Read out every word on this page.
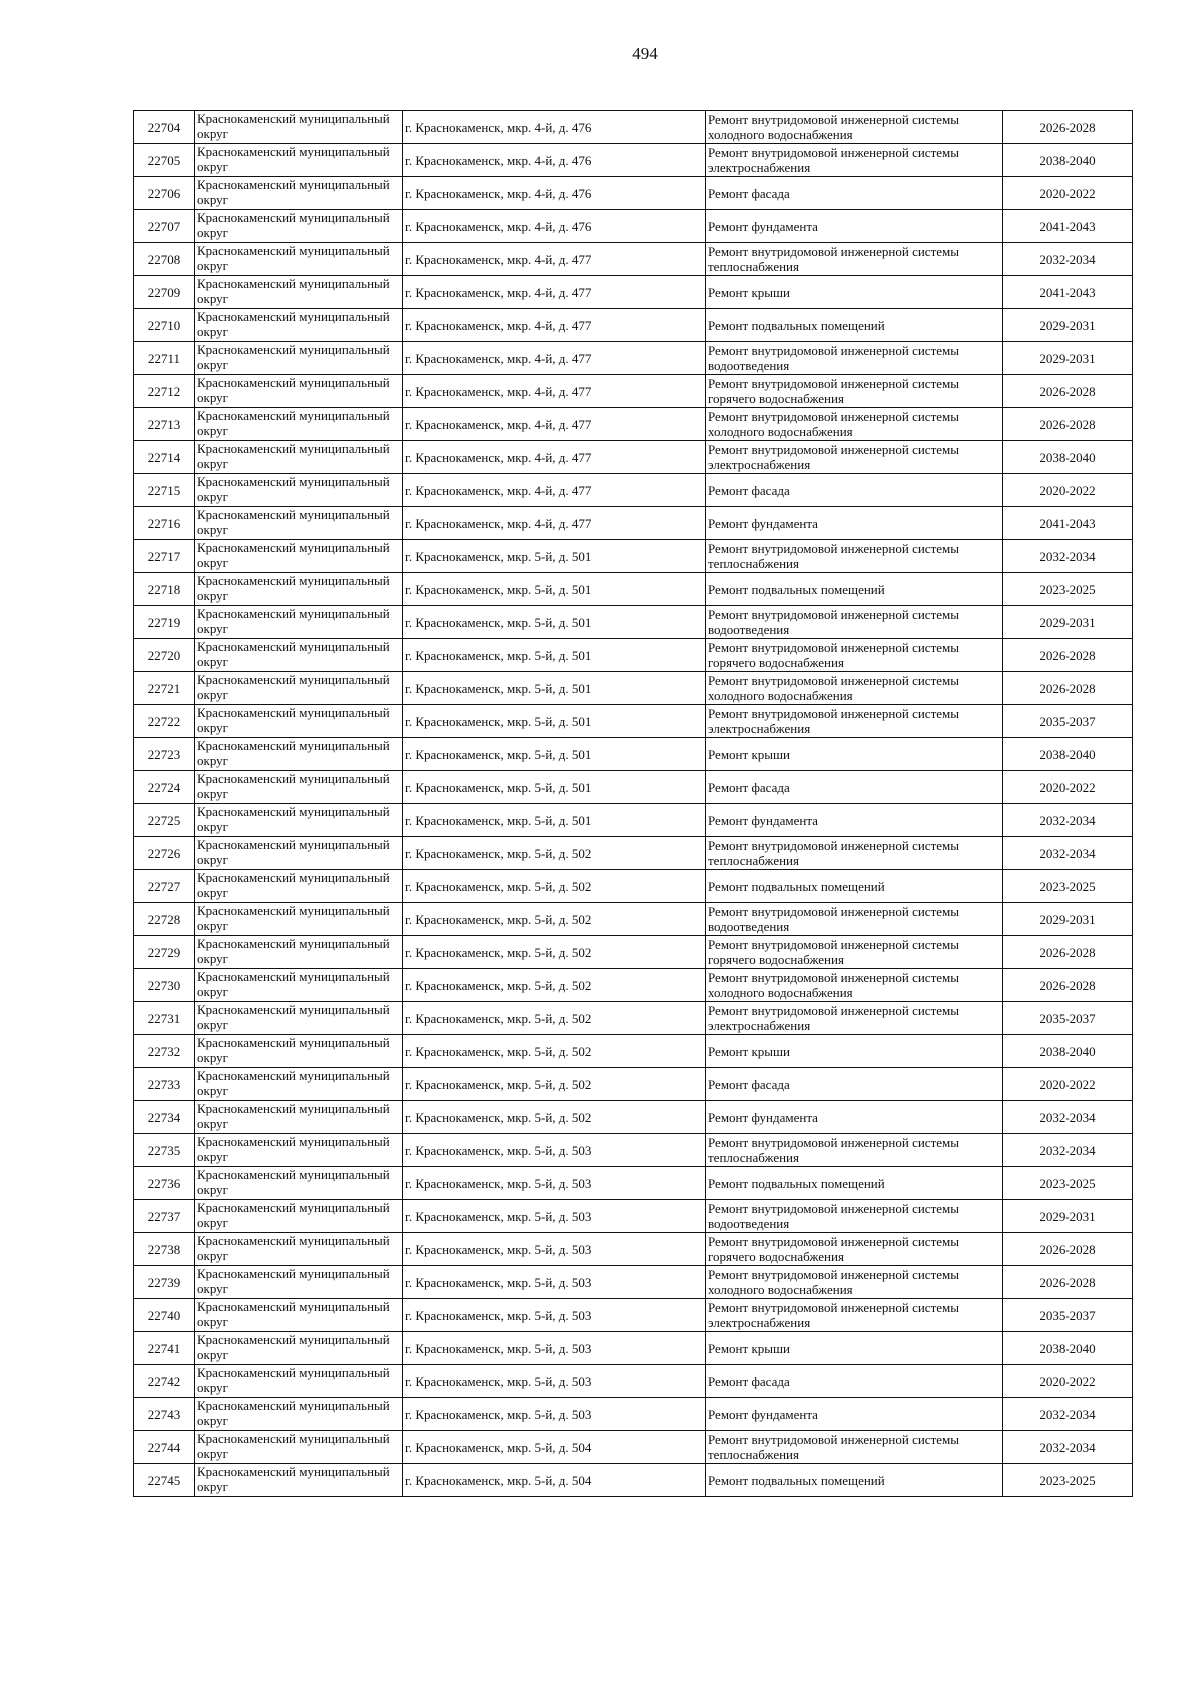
494
22704	Краснокаменский муниципальный округ	г. Краснокаменск, мкр. 4-й, д. 476	Ремонт внутридомовой инженерной системы холодного водоснабжения	2026-2028
22705	Краснокаменский муниципальный округ	г. Краснокаменск, мкр. 4-й, д. 476	Ремонт внутридомовой инженерной системы электроснабжения	2038-2040
22706	Краснокаменский муниципальный округ	г. Краснокаменск, мкр. 4-й, д. 476	Ремонт фасада	2020-2022
22707	Краснокаменский муниципальный округ	г. Краснокаменск, мкр. 4-й, д. 476	Ремонт фундамента	2041-2043
22708	Краснокаменский муниципальный округ	г. Краснокаменск, мкр. 4-й, д. 477	Ремонт внутридомовой инженерной системы теплоснабжения	2032-2034
22709	Краснокаменский муниципальный округ	г. Краснокаменск, мкр. 4-й, д. 477	Ремонт крыши	2041-2043
22710	Краснокаменский муниципальный округ	г. Краснокаменск, мкр. 4-й, д. 477	Ремонт подвальных помещений	2029-2031
22711	Краснокаменский муниципальный округ	г. Краснокаменск, мкр. 4-й, д. 477	Ремонт внутридомовой инженерной системы водоотведения	2029-2031
22712	Краснокаменский муниципальный округ	г. Краснокаменск, мкр. 4-й, д. 477	Ремонт внутридомовой инженерной системы горячего водоснабжения	2026-2028
22713	Краснокаменский муниципальный округ	г. Краснокаменск, мкр. 4-й, д. 477	Ремонт внутридомовой инженерной системы холодного водоснабжения	2026-2028
22714	Краснокаменский муниципальный округ	г. Краснокаменск, мкр. 4-й, д. 477	Ремонт внутридомовой инженерной системы электроснабжения	2038-2040
22715	Краснокаменский муниципальный округ	г. Краснокаменск, мкр. 4-й, д. 477	Ремонт фасада	2020-2022
22716	Краснокаменский муниципальный округ	г. Краснокаменск, мкр. 4-й, д. 477	Ремонт фундамента	2041-2043
22717	Краснокаменский муниципальный округ	г. Краснокаменск, мкр. 5-й, д. 501	Ремонт внутридомовой инженерной системы теплоснабжения	2032-2034
22718	Краснокаменский муниципальный округ	г. Краснокаменск, мкр. 5-й, д. 501	Ремонт подвальных помещений	2023-2025
22719	Краснокаменский муниципальный округ	г. Краснокаменск, мкр. 5-й, д. 501	Ремонт внутридомовой инженерной системы водоотведения	2029-2031
22720	Краснокаменский муниципальный округ	г. Краснокаменск, мкр. 5-й, д. 501	Ремонт внутридомовой инженерной системы горячего водоснабжения	2026-2028
22721	Краснокаменский муниципальный округ	г. Краснокаменск, мкр. 5-й, д. 501	Ремонт внутридомовой инженерной системы холодного водоснабжения	2026-2028
22722	Краснокаменский муниципальный округ	г. Краснокаменск, мкр. 5-й, д. 501	Ремонт внутридомовой инженерной системы электроснабжения	2035-2037
22723	Краснокаменский муниципальный округ	г. Краснокаменск, мкр. 5-й, д. 501	Ремонт крыши	2038-2040
22724	Краснокаменский муниципальный округ	г. Краснокаменск, мкр. 5-й, д. 501	Ремонт фасада	2020-2022
22725	Краснокаменский муниципальный округ	г. Краснокаменск, мкр. 5-й, д. 501	Ремонт фундамента	2032-2034
22726	Краснокаменский муниципальный округ	г. Краснокаменск, мкр. 5-й, д. 502	Ремонт внутридомовой инженерной системы теплоснабжения	2032-2034
22727	Краснокаменский муниципальный округ	г. Краснокаменск, мкр. 5-й, д. 502	Ремонт подвальных помещений	2023-2025
22728	Краснокаменский муниципальный округ	г. Краснокаменск, мкр. 5-й, д. 502	Ремонт внутридомовой инженерной системы водоотведения	2029-2031
22729	Краснокаменский муниципальный округ	г. Краснокаменск, мкр. 5-й, д. 502	Ремонт внутридомовой инженерной системы горячего водоснабжения	2026-2028
22730	Краснокаменский муниципальный округ	г. Краснокаменск, мкр. 5-й, д. 502	Ремонт внутридомовой инженерной системы холодного водоснабжения	2026-2028
22731	Краснокаменский муниципальный округ	г. Краснокаменск, мкр. 5-й, д. 502	Ремонт внутридомовой инженерной системы электроснабжения	2035-2037
22732	Краснокаменский муниципальный округ	г. Краснокаменск, мкр. 5-й, д. 502	Ремонт крыши	2038-2040
22733	Краснокаменский муниципальный округ	г. Краснокаменск, мкр. 5-й, д. 502	Ремонт фасада	2020-2022
22734	Краснокаменский муниципальный округ	г. Краснокаменск, мкр. 5-й, д. 502	Ремонт фундамента	2032-2034
22735	Краснокаменский муниципальный округ	г. Краснокаменск, мкр. 5-й, д. 503	Ремонт внутридомовой инженерной системы теплоснабжения	2032-2034
22736	Краснокаменский муниципальный округ	г. Краснокаменск, мкр. 5-й, д. 503	Ремонт подвальных помещений	2023-2025
22737	Краснокаменский муниципальный округ	г. Краснокаменск, мкр. 5-й, д. 503	Ремонт внутридомовой инженерной системы водоотведения	2029-2031
22738	Краснокаменский муниципальный округ	г. Краснокаменск, мкр. 5-й, д. 503	Ремонт внутридомовой инженерной системы горячего водоснабжения	2026-2028
22739	Краснокаменский муниципальный округ	г. Краснокаменск, мкр. 5-й, д. 503	Ремонт внутридомовой инженерной системы холодного водоснабжения	2026-2028
22740	Краснокаменский муниципальный округ	г. Краснокаменск, мкр. 5-й, д. 503	Ремонт внутридомовой инженерной системы электроснабжения	2035-2037
22741	Краснокаменский муниципальный округ	г. Краснокаменск, мкр. 5-й, д. 503	Ремонт крыши	2038-2040
22742	Краснокаменский муниципальный округ	г. Краснокаменск, мкр. 5-й, д. 503	Ремонт фасада	2020-2022
22743	Краснокаменский муниципальный округ	г. Краснокаменск, мкр. 5-й, д. 503	Ремонт фундамента	2032-2034
22744	Краснокаменский муниципальный округ	г. Краснокаменск, мкр. 5-й, д. 504	Ремонт внутридомовой инженерной системы теплоснабжения	2032-2034
22745	Краснокаменский муниципальный округ	г. Краснокаменск, мкр. 5-й, д. 504	Ремонт подвальных помещений	2023-2025
